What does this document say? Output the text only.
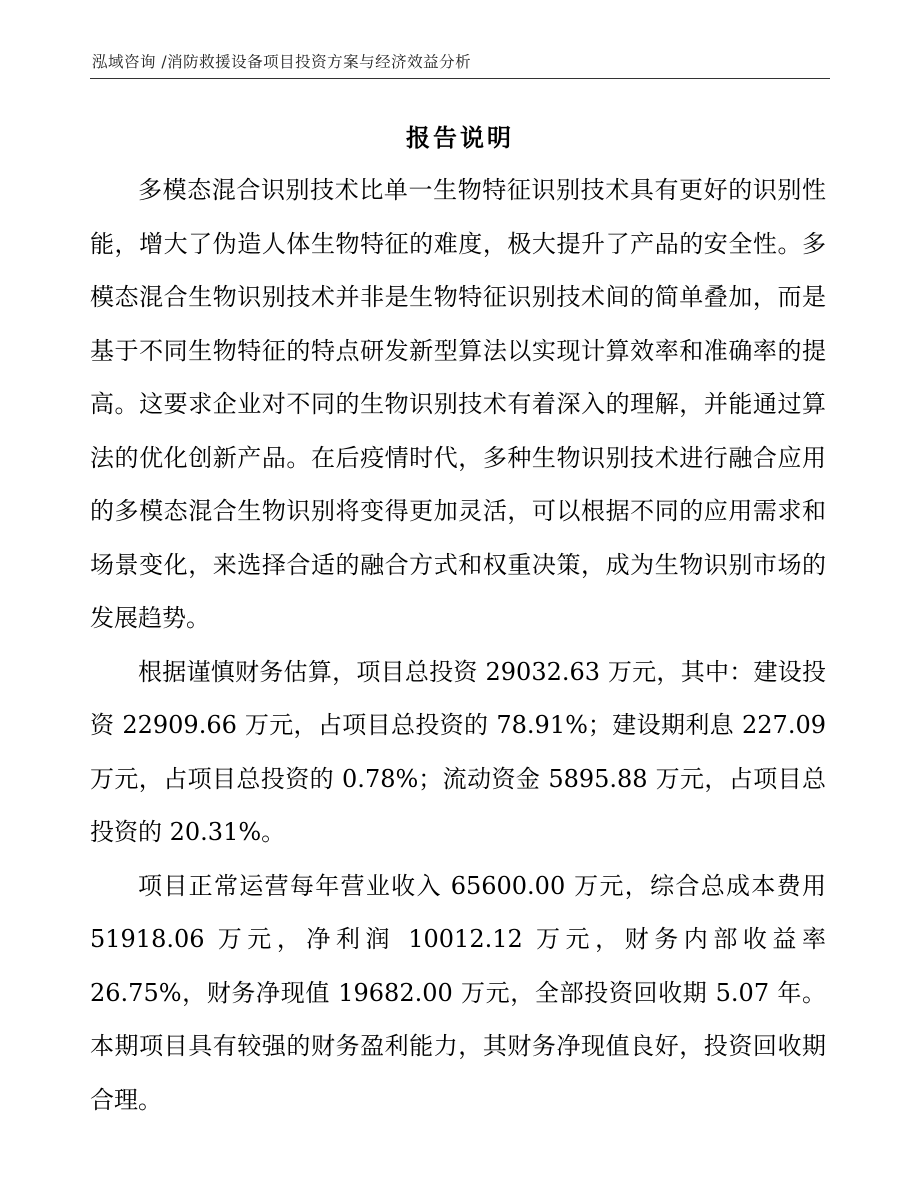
泓域咨询 /消防救援设备项目投资方案与经济效益分析
报告说明

多模态混合识别技术比单一生物特征识别技术具有更好的识别性能，增大了伪造人体生物特征的难度，极大提升了产品的安全性。多模态混合生物识别技术并非是生物特征识别技术间的简单叠加，而是基于不同生物特征的特点研发新型算法以实现计算效率和准确率的提高。这要求企业对不同的生物识别技术有着深入的理解，并能通过算法的优化创新产品。在后疫情时代，多种生物识别技术进行融合应用的多模态混合生物识别将变得更加灵活，可以根据不同的应用需求和场景变化，来选择合适的融合方式和权重决策，成为生物识别市场的发展趋势。

根据谨慎财务估算，项目总投资 29032.63 万元，其中：建设投资 22909.66 万元，占项目总投资的 78.91%；建设期利息 227.09 万元，占项目总投资的 0.78%；流动资金 5895.88 万元，占项目总投资的 20.31%。

项目正常运营每年营业收入 65600.00 万元，综合总成本费用 51918.06 万元，净利润 10012.12 万元，财务内部收益率 26.75%，财务净现值 19682.00 万元，全部投资回收期 5.07 年。本期项目具有较强的财务盈利能力，其财务净现值良好，投资回收期合理。
